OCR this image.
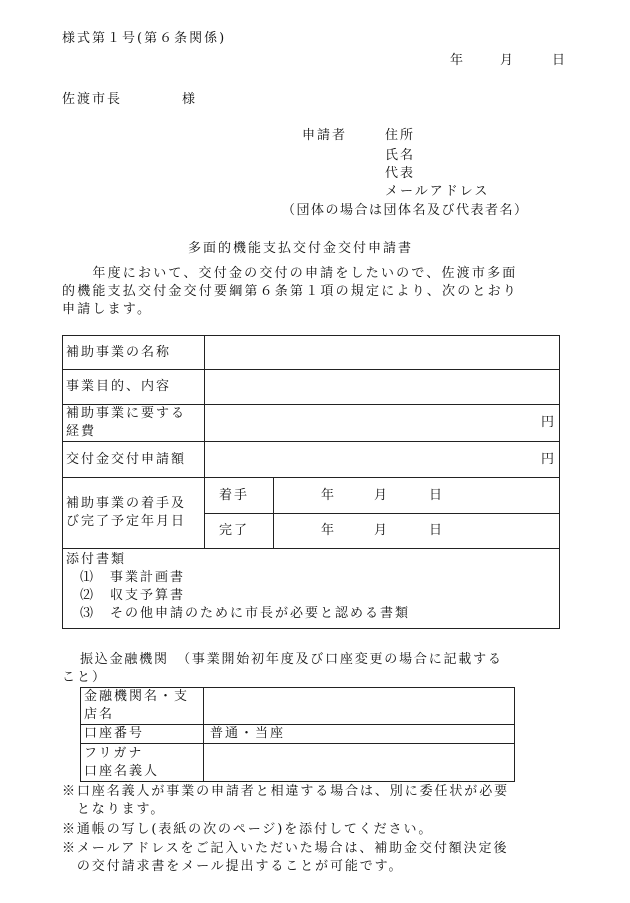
様式第１号(第６条関係)
年	月	日
佐渡市長	様
申請者	住所
氏名
代表
メールアドレス
（団体の場合は団体名及び代表者名）
多面的機能支払交付金交付申請書
　　年度において、交付金の交付の申請をしたいので、佐渡市多面
的機能支払交付金交付要綱第６条第１項の規定により、次のとおり
申請します。
補助事業の名称		
事業目的、内容		

補助事業に要する
経費	円	
交付金交付申請額	円	

補助事業の着手及
び完了予定年月日	着手	年 月 日
	完了	年 月 日

添付書類
⑴　事業計画書
⑵　収支予算書
⑶　その他申請のために市長が必要と認める書類		
振込金融機関　（事業開始初年度及び口座変更の場合に記載する
こと）
金融機関名・支
店名	

口座番号	普通・当座

フリガナ
口座名義人	

※口座名義人が事業の申請者と相違する場合は、別に委任状が必要
　となります。
※通帳の写し(表紙の次のページ)を添付してください。
※メールアドレスをご記入いただいた場合は、補助金交付額決定後
　の交付請求書をメール提出することが可能です。
